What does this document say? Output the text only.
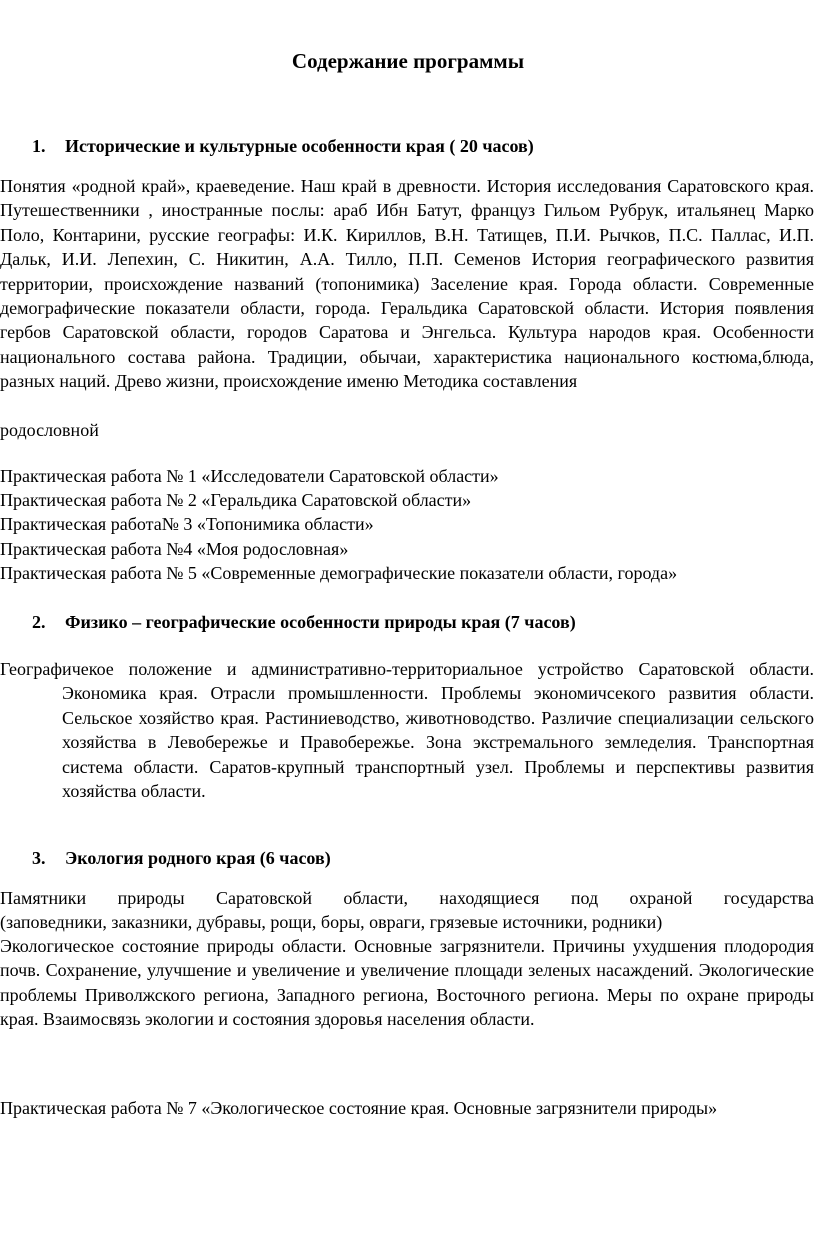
Содержание программы
1. Исторические и культурные особенности края ( 20 часов)
Понятия «родной край», краеведение. Наш край в древности. История исследования Саратовского края. Путешественники , иностранные послы: араб Ибн Батут, француз Гильом Рубрук, итальянец Марко Поло, Контарини, русские географы: И.К. Кириллов, В.Н. Татищев, П.И. Рычков, П.С. Паллас, И.П. Дальк, И.И. Лепехин, С. Никитин, А.А. Тилло, П.П. Семенов История географического развития территории, происхождение названий (топонимика) Заселение края. Города области. Современные демографические показатели области, города. Геральдика Саратовской области. История появления гербов Саратовской области, городов Саратова и Энгельса. Культура народов края. Особенности национального состава района. Традиции, обычаи, характеристика национального костюма,блюда, разных наций. Древо жизни, происхождение именю Методика составления
родословной
Практическая работа № 1 «Исследователи Саратовской области»
Практическая работа № 2 «Геральдика Саратовской области»
Практическая работа№ 3 «Топонимика области»
Практическая работа №4 «Моя родословная»
Практическая работа № 5 «Современные демографические показатели области, города»
2. Физико – географические особенности природы края (7 часов)
Географичекое положение и административно-территориальное устройство Саратовской области. Экономика края. Отрасли промышленности. Проблемы экономичсекого развития области. Сельское хозяйство края. Растиниеводство, животноводство. Различие специализации сельского хозяйства в Левобережье и Правобережье. Зона экстремального земледелия. Транспортная система области. Саратов-крупный транспортный узел. Проблемы и перспективы развития хозяйства области.
3. Экология родного края (6 часов)
Памятники природы Саратовской области, находящиеся под охраной государства
(заповедники, заказники, дубравы, рощи, боры, овраги, грязевые источники, родники)
Экологическое состояние природы области. Основные загрязнители. Причины ухудшения плодородия почв. Сохранение, улучшение и увеличение и увеличение площади зеленых насаждений. Экологические проблемы Приволжского региона, Западного региона, Восточного региона. Меры по охране природы края. Взаимосвязь экологии и состояния здоровья населения области.
Практическая работа № 7 «Экологическое состояние края. Основные загрязнители природы»
